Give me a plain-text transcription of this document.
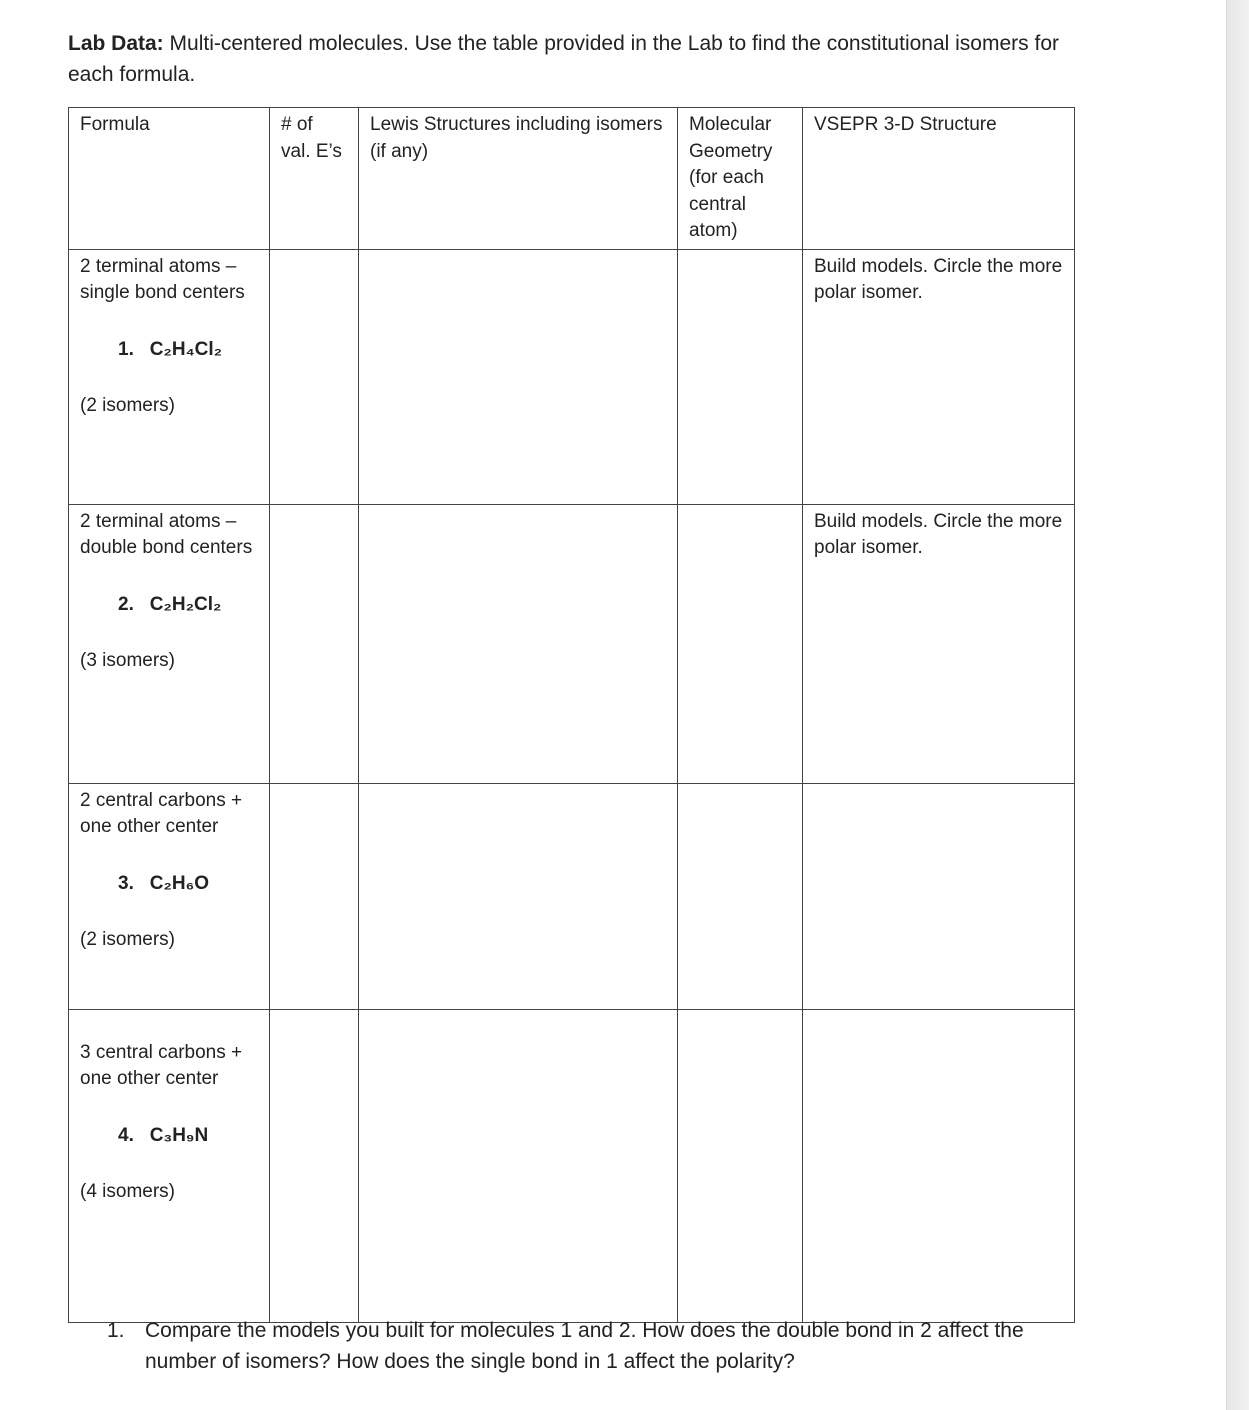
Lab Data: Multi-centered molecules. Use the table provided in the Lab to find the constitutional isomers for each formula.

Formula	# of val. E’s	Lewis Structures including isomers (if any)	Molecular Geometry (for each central atom)	VSEPR 3-D Structure

2 terminal atoms – single bond centers
1. C₂H₄Cl₂
(2 isomers)				Build models. Circle the more polar isomer.

2 terminal atoms – double bond centers
2. C₂H₂Cl₂
(3 isomers)				Build models. Circle the more polar isomer.

2 central carbons + one other center
3. C₂H₆O
(2 isomers)				

3 central carbons + one other center
4. C₃H₉N
(4 isomers)				

1. Compare the models you built for molecules 1 and 2. How does the double bond in 2 affect the number of isomers? How does the single bond in 1 affect the polarity?
